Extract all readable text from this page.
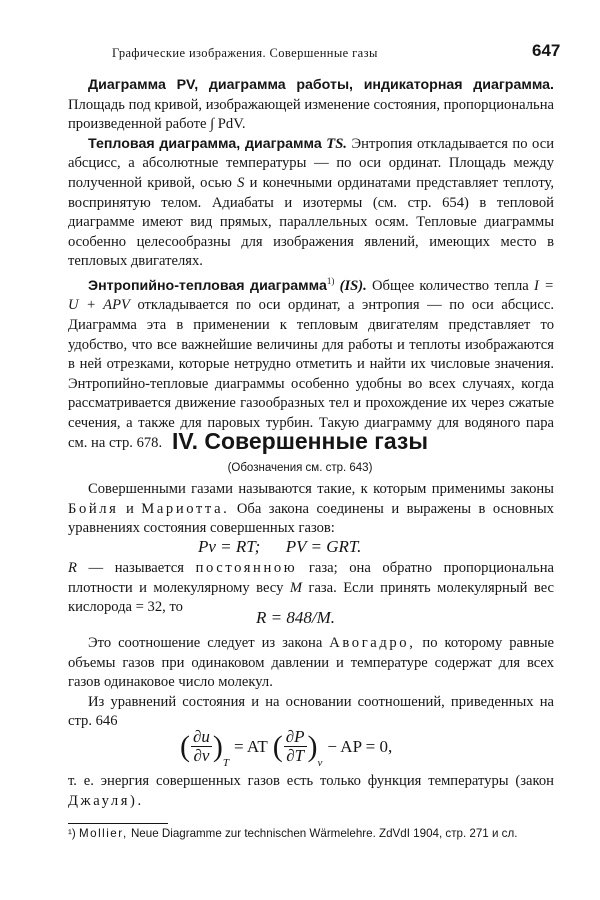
Графические изображения. Совершенные газы	647

Диаграмма PV, диаграмма работы, индикаторная диаграмма. Площадь под кривой, изображающей изменение состояния, пропорциональна произведенной работе ∫ PdV.

Тепловая диаграмма, диаграмма TS. Энтропия откладывается по оси абсцисс, а абсолютные температуры — по оси ординат. Площадь между полученной кривой, осью S и конечными ординатами представляет теплоту, воспринятую телом. Адиабаты и изотермы (см. стр. 654) в тепловой диаграмме имеют вид прямых, параллельных осям. Тепловые диаграммы особенно целесообразны для изображения явлений, имеющих место в тепловых двигателях.

Энтропийно-тепловая диаграмма$^{1)}$ (IS). Общее количество тепла I = U + APV откладывается по оси ординат, а энтропия — по оси абсцисс. Диаграмма эта в применении к тепловым двигателям представляет то удобство, что все важнейшие величины для работы и теплоты изображаются в ней отрезками, которые нетрудно отметить и найти их числовые значения. Энтропийно-тепловые диаграммы особенно удобны во всех случаях, когда рассматривается движение газообразных тел и прохождение их через сжатые сечения, а также для паровых турбин. Такую диаграмму для водяного пара см. на стр. 678. IV. Совершенные газы
(Обозначения см. стр. 643)

Совершенными газами называются такие, к которым применимы законы Бойля и Мариотта. Оба закона соединены и выражены в основных уравнениях состояния совершенных газов:

Pv = RT;      PV = GRT.

R — называется постоянною газа; она обратно пропорциональна плотности и молекулярному весу M газа. Если принять молекулярный вес кислорода = 32, то

R = 848/M.

Это соотношение следует из закона Авогадро, по которому равные объемы газов при одинаковом давлении и температуре содержат для всех газов одинаковое число молекул.

Из уравнений состояния и на основании соотношений, приведенных на стр. 646

( $\frac{\partial u}{\partial v}$ )
T
= AT ( $\frac{\partial P}{\partial T}$ )
v
− AP = 0,

т. е. энергия совершенных газов есть только функция температуры (закон Джауля).

¹) Mollier, Neue Diagramme zur technischen Wärmelehre. ZdVdI 1904, стр. 271 и сл.
